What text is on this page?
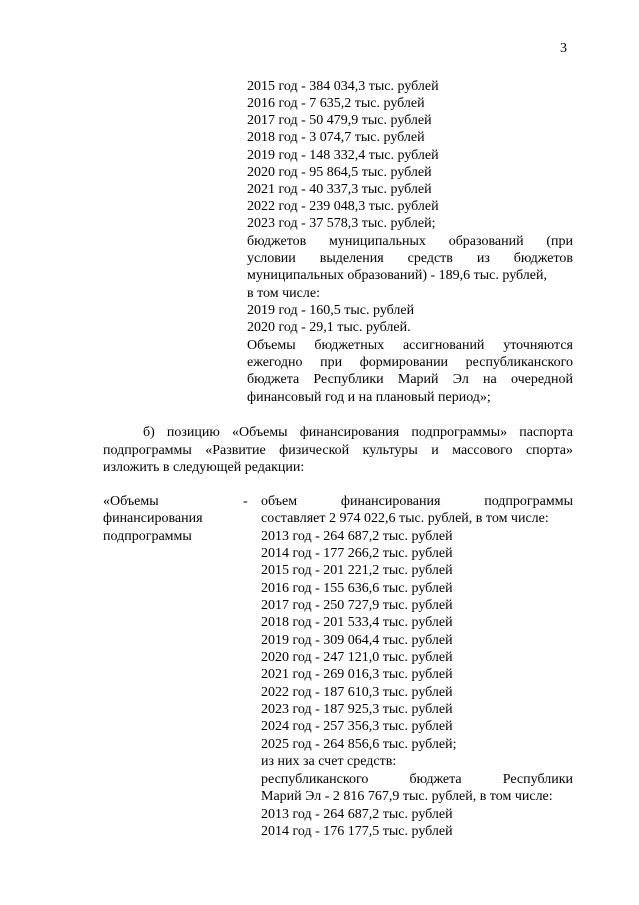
3
2015 год - 384 034,3 тыс. рублей
2016 год - 7 635,2 тыс. рублей
2017 год - 50 479,9 тыс. рублей
2018 год - 3 074,7 тыс. рублей
2019 год - 148 332,4 тыс. рублей
2020 год - 95 864,5 тыс. рублей
2021 год - 40 337,3 тыс. рублей
2022 год - 239 048,3 тыс. рублей
2023 год - 37 578,3 тыс. рублей;
бюджетов муниципальных образований (при
условии выделения средств из бюджетов
муниципальных образований) - 189,6 тыс. рублей,
в том числе:
2019 год - 160,5 тыс. рублей
2020 год - 29,1 тыс. рублей.
Объемы бюджетных ассигнований уточняются
ежегодно при формировании республиканского
бюджета Республики Марий Эл на очередной
финансовый год и на плановый период»;
б) позицию «Объемы финансирования подпрограммы» паспорта
подпрограммы «Развитие физической культуры и массового спорта»
изложить в следующей редакции:
«Объемы
финансирования
подпрограммы
- объем финансирования подпрограммы
составляет 2 974 022,6 тыс. рублей, в том числе:
2013 год - 264 687,2 тыс. рублей
2014 год - 177 266,2 тыс. рублей
2015 год - 201 221,2 тыс. рублей
2016 год - 155 636,6 тыс. рублей
2017 год - 250 727,9 тыс. рублей
2018 год - 201 533,4 тыс. рублей
2019 год - 309 064,4 тыс. рублей
2020 год - 247 121,0 тыс. рублей
2021 год - 269 016,3 тыс. рублей
2022 год - 187 610,3 тыс. рублей
2023 год - 187 925,3 тыс. рублей
2024 год - 257 356,3 тыс. рублей
2025 год - 264 856,6 тыс. рублей;
из них за счет средств:
республиканского бюджета Республики
Марий Эл - 2 816 767,9 тыс. рублей, в том числе:
2013 год - 264 687,2 тыс. рублей
2014 год - 176 177,5 тыс. рублей
